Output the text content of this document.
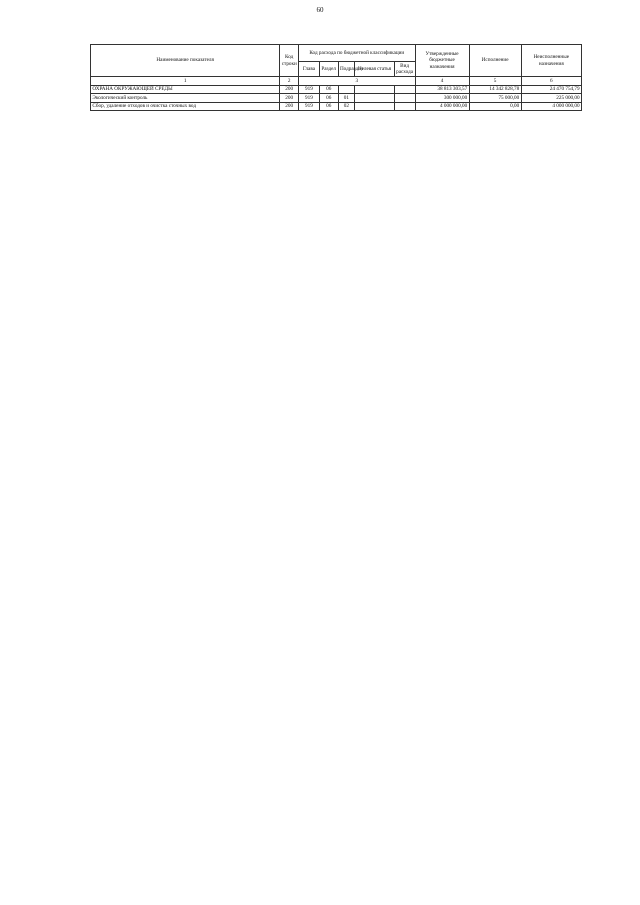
60
Наименование показателя	Код строки	Код расхода по бюджетной классификации					Утвержденные бюджетные назначения	Исполнение	Неисполненные назначения
		Глава	Раздел	Подраздел	Целевая статья	Вид расхода			
1	2	3					4	5	6
ОХРАНА ОКРУЖАЮЩЕЙ СРЕДЫ	200	919	06				38 813 303,57	14 342 828,78	24 470 754,79
Экологический контроль	200	919	06	01			300 000,00	75 000,00	225 000,00
Сбор, удаление отходов и очистка сточных вод	200	919	06	02			4 000 000,00	0,00	4 000 000,00
